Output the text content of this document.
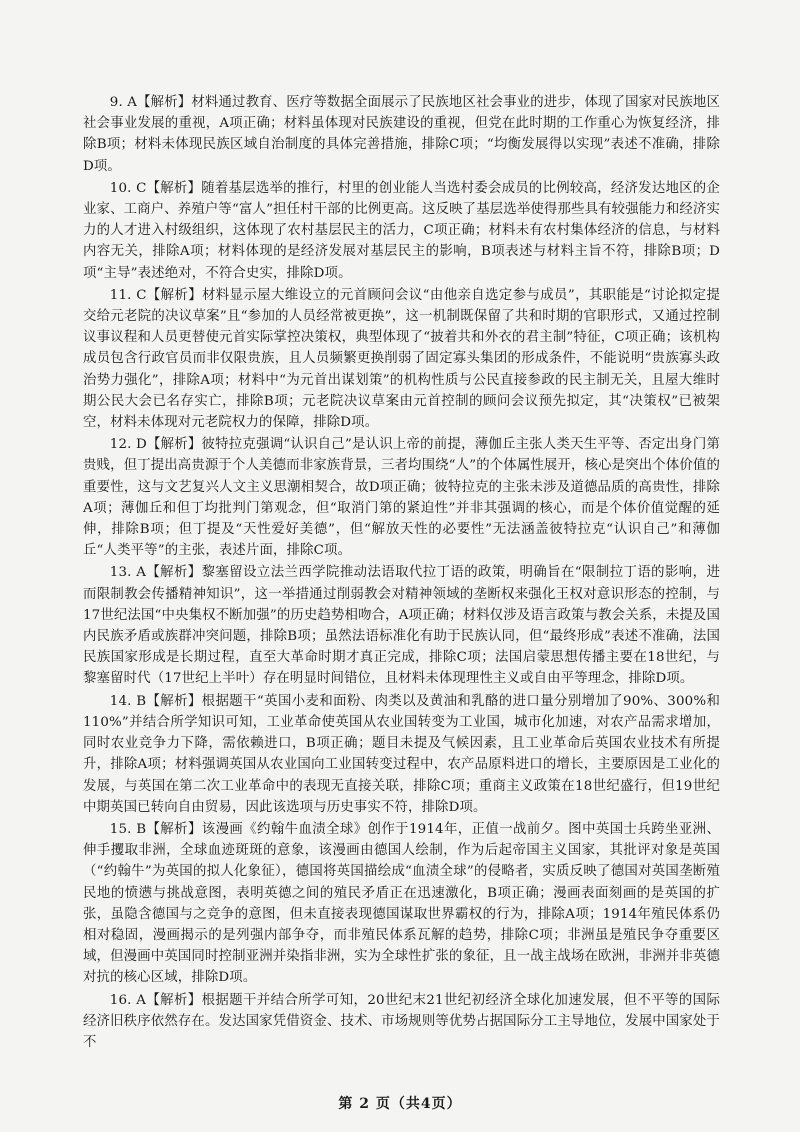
9. A【解析】材料通过教育、医疗等数据全面展示了民族地区社会事业的进步，体现了国家对民族地区社会事业发展的重视，A项正确；材料虽体现对民族建设的重视，但党在此时期的工作重心为恢复经济，排除B项；材料未体现民族区域自治制度的具体完善措施，排除C项；“均衡发展得以实现”表述不准确，排除D项。

10. C【解析】随着基层选举的推行，村里的创业能人当选村委会成员的比例较高，经济发达地区的企业家、工商户、养殖户等“富人”担任村干部的比例更高。这反映了基层选举使得那些具有较强能力和经济实力的人才进入村级组织，这体现了农村基层民主的活力，C项正确；材料未有农村集体经济的信息，与材料内容无关，排除A项；材料体现的是经济发展对基层民主的影响，B项表述与材料主旨不符，排除B项；D项“主导”表述绝对，不符合史实，排除D项。

11. C【解析】材料显示屋大维设立的元首顾问会议“由他亲自选定参与成员”，其职能是“讨论拟定提交给元老院的决议草案”且“参加的人员经常被更换”，这一机制既保留了共和时期的官职形式，又通过控制议事议程和人员更替使元首实际掌控决策权，典型体现了“披着共和外衣的君主制”特征，C项正确；该机构成员包含行政官员而非仅限贵族，且人员频繁更换削弱了固定寡头集团的形成条件，不能说明“贵族寡头政治势力强化”，排除A项；材料中“为元首出谋划策”的机构性质与公民直接参政的民主制无关，且屋大维时期公民大会已名存实亡，排除B项；元老院决议草案由元首控制的顾问会议预先拟定，其“决策权”已被架空，材料未体现对元老院权力的保障，排除D项。

12. D【解析】彼特拉克强调“认识自己”是认识上帝的前提，薄伽丘主张人类天生平等、否定出身门第贵贱，但丁提出高贵源于个人美德而非家族背景，三者均围绕“人”的个体属性展开，核心是突出个体价值的重要性，这与文艺复兴人文主义思潮相契合，故D项正确；彼特拉克的主张未涉及道德品质的高贵性，排除A项；薄伽丘和但丁均批判门第观念，但“取消门第的紧迫性”并非其强调的核心，而是个体价值觉醒的延伸，排除B项；但丁提及“天性爱好美德”，但“解放天性的必要性”无法涵盖彼特拉克“认识自己”和薄伽丘“人类平等”的主张，表述片面，排除C项。

13. A【解析】黎塞留设立法兰西学院推动法语取代拉丁语的政策，明确旨在“限制拉丁语的影响，进而限制教会传播精神知识”，这一举措通过削弱教会对精神领域的垄断权来强化王权对意识形态的控制，与17世纪法国“中央集权不断加强”的历史趋势相吻合，A项正确；材料仅涉及语言政策与教会关系，未提及国内民族矛盾或族群冲突问题，排除B项；虽然法语标准化有助于民族认同，但“最终形成”表述不准确，法国民族国家形成是长期过程，直至大革命时期才真正完成，排除C项；法国启蒙思想传播主要在18世纪，与黎塞留时代（17世纪上半叶）存在明显时间错位，且材料未体现理性主义或自由平等理念，排除D项。

14. B【解析】根据题干“英国小麦和面粉、肉类以及黄油和乳酪的进口量分别增加了90%、300%和110%”并结合所学知识可知，工业革命使英国从农业国转变为工业国，城市化加速，对农产品需求增加，同时农业竞争力下降，需依赖进口，B项正确；题目未提及气候因素，且工业革命后英国农业技术有所提升，排除A项；材料强调英国从农业国向工业国转变过程中，农产品原料进口的增长，主要原因是工业化的发展，与英国在第二次工业革命中的表现无直接关联，排除C项；重商主义政策在18世纪盛行，但19世纪中期英国已转向自由贸易，因此该选项与历史事实不符，排除D项。

15. B【解析】该漫画《约翰牛血渍全球》创作于1914年，正值一战前夕。图中英国士兵跨坐亚洲、伸手攫取非洲，全球血迹斑斑的意象，该漫画由德国人绘制，作为后起帝国主义国家，其批评对象是英国（“约翰牛”为英国的拟人化象征），德国将英国描绘成“血渍全球”的侵略者，实质反映了德国对英国垄断殖民地的愤懑与挑战意图，表明英德之间的殖民矛盾正在迅速激化，B项正确；漫画表面刻画的是英国的扩张，虽隐含德国与之竞争的意图，但未直接表现德国谋取世界霸权的行为，排除A项；1914年殖民体系仍相对稳固，漫画揭示的是列强内部争夺，而非殖民体系瓦解的趋势，排除C项；非洲虽是殖民争夺重要区域，但漫画中英国同时控制亚洲并染指非洲，实为全球性扩张的象征，且一战主战场在欧洲，非洲并非英德对抗的核心区域，排除D项。

16. A【解析】根据题干并结合所学可知，20世纪末21世纪初经济全球化加速发展，但不平等的国际经济旧秩序依然存在。发达国家凭借资金、技术、市场规则等优势占据国际分工主导地位，发展中国家处于不

第 2 页（共4页）
